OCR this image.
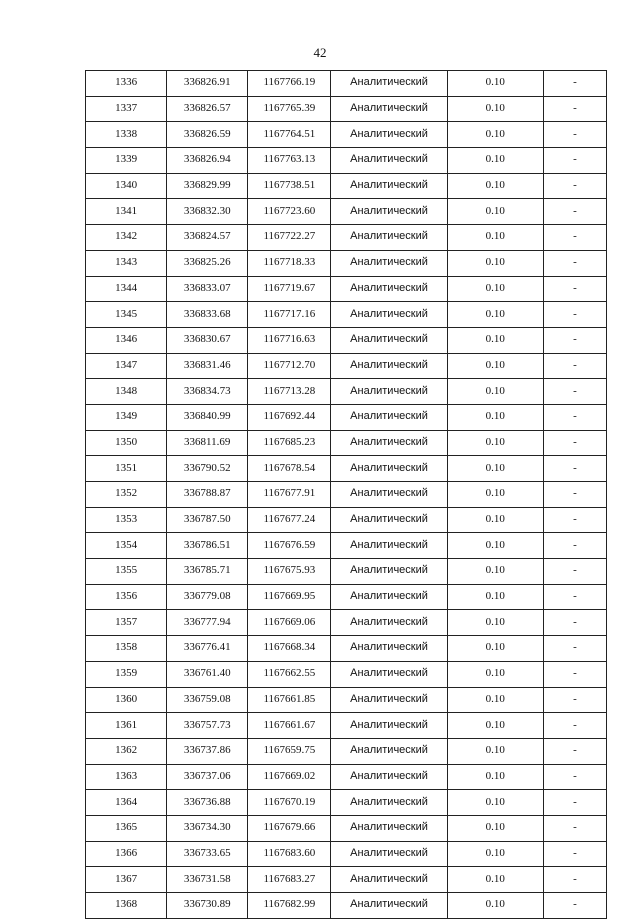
42
1336	336826.91	1167766.19	Аналитический	0.10	-
1337	336826.57	1167765.39	Аналитический	0.10	-
1338	336826.59	1167764.51	Аналитический	0.10	-
1339	336826.94	1167763.13	Аналитический	0.10	-
1340	336829.99	1167738.51	Аналитический	0.10	-
1341	336832.30	1167723.60	Аналитический	0.10	-
1342	336824.57	1167722.27	Аналитический	0.10	-
1343	336825.26	1167718.33	Аналитический	0.10	-
1344	336833.07	1167719.67	Аналитический	0.10	-
1345	336833.68	1167717.16	Аналитический	0.10	-
1346	336830.67	1167716.63	Аналитический	0.10	-
1347	336831.46	1167712.70	Аналитический	0.10	-
1348	336834.73	1167713.28	Аналитический	0.10	-
1349	336840.99	1167692.44	Аналитический	0.10	-
1350	336811.69	1167685.23	Аналитический	0.10	-
1351	336790.52	1167678.54	Аналитический	0.10	-
1352	336788.87	1167677.91	Аналитический	0.10	-
1353	336787.50	1167677.24	Аналитический	0.10	-
1354	336786.51	1167676.59	Аналитический	0.10	-
1355	336785.71	1167675.93	Аналитический	0.10	-
1356	336779.08	1167669.95	Аналитический	0.10	-
1357	336777.94	1167669.06	Аналитический	0.10	-
1358	336776.41	1167668.34	Аналитический	0.10	-
1359	336761.40	1167662.55	Аналитический	0.10	-
1360	336759.08	1167661.85	Аналитический	0.10	-
1361	336757.73	1167661.67	Аналитический	0.10	-
1362	336737.86	1167659.75	Аналитический	0.10	-
1363	336737.06	1167669.02	Аналитический	0.10	-
1364	336736.88	1167670.19	Аналитический	0.10	-
1365	336734.30	1167679.66	Аналитический	0.10	-
1366	336733.65	1167683.60	Аналитический	0.10	-
1367	336731.58	1167683.27	Аналитический	0.10	-
1368	336730.89	1167682.99	Аналитический	0.10	-
